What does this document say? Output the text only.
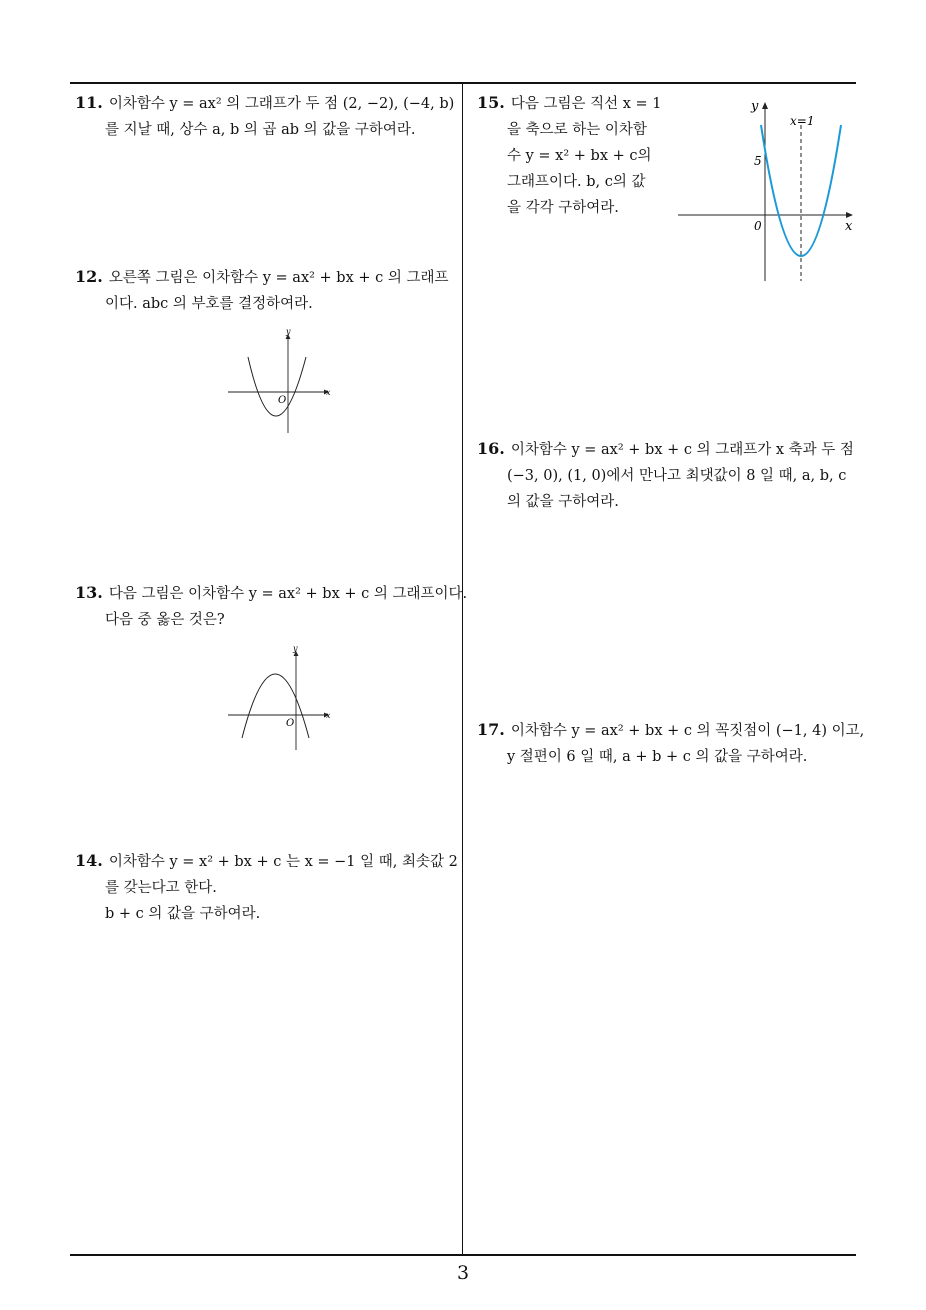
11. 이차함수 y = ax² 의 그래프가 두 점 (2, −2), (−4, b)
를 지날 때, 상수 a, b 의 곱 ab 의 값을 구하여라.
12. 오른쪽 그림은 이차함수 y = ax² + bx + c 의 그래프
이다. abc 의 부호를 결정하여라.
y
x
O
13. 다음 그림은 이차함수 y = ax² + bx + c 의 그래프이다.
다음 중 옳은 것은?
y
x
O
14. 이차함수 y = x² + bx + c 는 x = −1 일 때, 최솟값 2
를 갖는다고 한다.
b + c 의 값을 구하여라.
15. 다음 그림은 직선 x = 1
을 축으로 하는 이차함
수 y = x² + bx + c의
그래프이다. b, c의 값
을 각각 구하여라.
y
x
0
5
x=1
16. 이차함수 y = ax² + bx + c 의 그래프가 x 축과 두 점
(−3, 0), (1, 0)에서 만나고 최댓값이 8 일 때, a, b, c
의 값을 구하여라.
17. 이차함수 y = ax² + bx + c 의 꼭짓점이 (−1, 4) 이고,
y 절편이 6 일 때, a + b + c 의 값을 구하여라.
3
